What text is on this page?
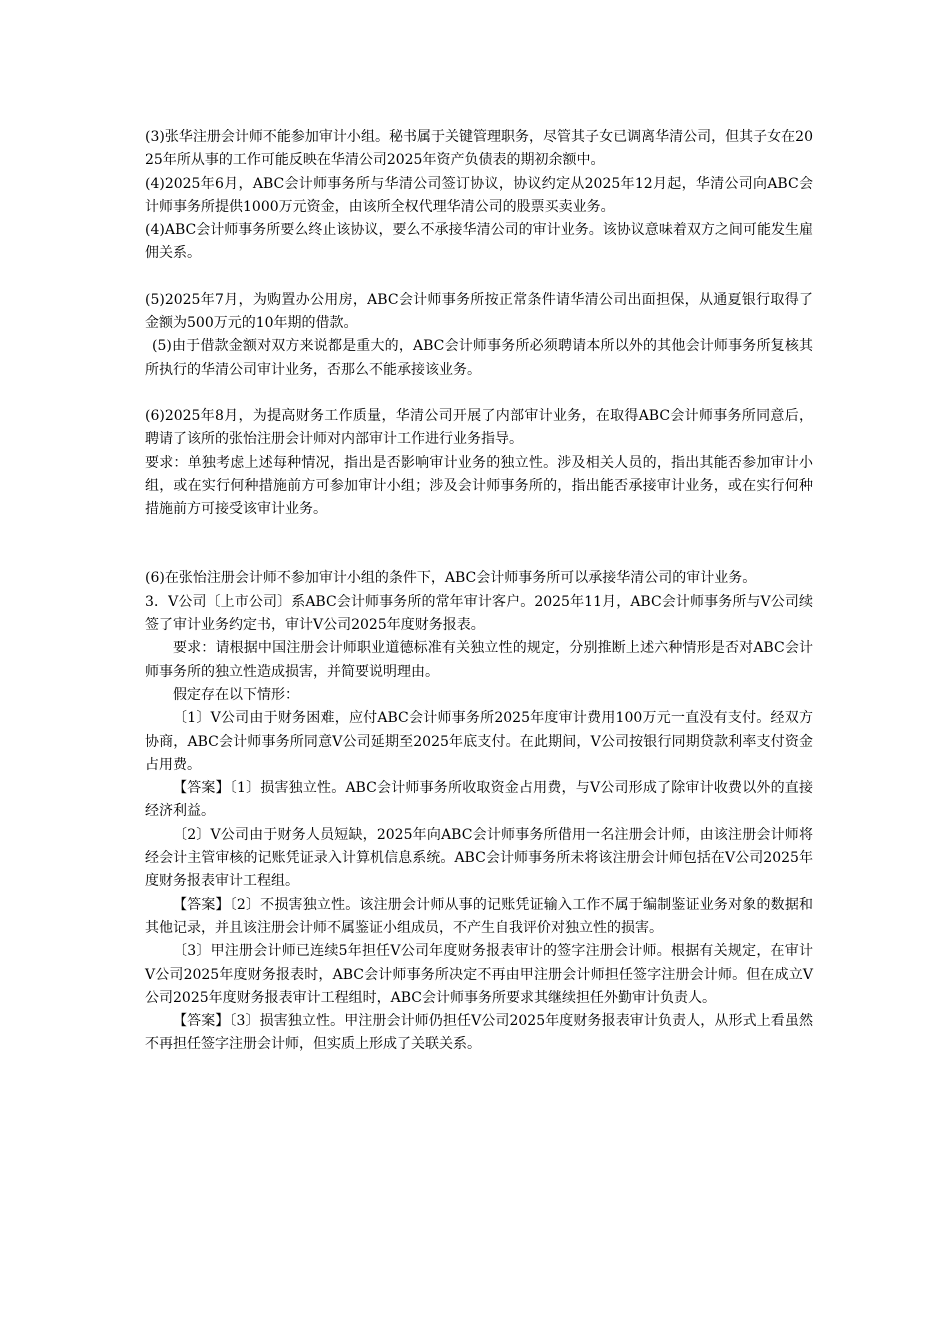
(3)张华注册会计师不能参加审计小组。秘书属于关键管理职务，尽管其子女已调离华清公司，但其子女在2025年所从事的工作可能反映在华清公司2025年资产负债表的期初余额中。

(4)2025年6月，ABC会计师事务所与华清公司签订协议，协议约定从2025年12月起，华清公司向ABC会计师事务所提供1000万元资金，由该所全权代理华清公司的股票买卖业务。

(4)ABC会计师事务所要么终止该协议，要么不承接华清公司的审计业务。该协议意味着双方之间可能发生雇佣关系。

(5)2025年7月，为购置办公用房，ABC会计师事务所按正常条件请华清公司出面担保，从通夏银行取得了金额为500万元的10年期的借款。

(5)由于借款金额对双方来说都是重大的，ABC会计师事务所必须聘请本所以外的其他会计师事务所复核其所执行的华清公司审计业务，否那么不能承接该业务。

(6)2025年8月，为提高财务工作质量，华清公司开展了内部审计业务，在取得ABC会计师事务所同意后，聘请了该所的张怡注册会计师对内部审计工作进行业务指导。

要求：单独考虑上述每种情况，指出是否影响审计业务的独立性。涉及相关人员的，指出其能否参加审计小组，或在实行何种措施前方可参加审计小组；涉及会计师事务所的，指出能否承接审计业务，或在实行何种措施前方可接受该审计业务。

(6)在张怡注册会计师不参加审计小组的条件下，ABC会计师事务所可以承接华清公司的审计业务。

3．V公司〔上市公司〕系ABC会计师事务所的常年审计客户。2025年11月，ABC会计师事务所与V公司续签了审计业务约定书，审计V公司2025年度财务报表。

要求：请根据中国注册会计师职业道德标准有关独立性的规定，分别推断上述六种情形是否对ABC会计师事务所的独立性造成损害，并简要说明理由。

假定存在以下情形：

〔1〕V公司由于财务困难，应付ABC会计师事务所2025年度审计费用100万元一直没有支付。经双方协商，ABC会计师事务所同意V公司延期至2025年底支付。在此期间，V公司按银行同期贷款利率支付资金占用费。

【答案】〔1〕损害独立性。ABC会计师事务所收取资金占用费，与V公司形成了除审计收费以外的直接经济利益。

〔2〕V公司由于财务人员短缺，2025年向ABC会计师事务所借用一名注册会计师，由该注册会计师将经会计主管审核的记账凭证录入计算机信息系统。ABC会计师事务所未将该注册会计师包括在V公司2025年度财务报表审计工程组。

【答案】〔2〕不损害独立性。该注册会计师从事的记账凭证输入工作不属于编制鉴证业务对象的数据和其他记录，并且该注册会计师不属鉴证小组成员，不产生自我评价对独立性的损害。

〔3〕甲注册会计师已连续5年担任V公司年度财务报表审计的签字注册会计师。根据有关规定，在审计V公司2025年度财务报表时，ABC会计师事务所决定不再由甲注册会计师担任签字注册会计师。但在成立V公司2025年度财务报表审计工程组时，ABC会计师事务所要求其继续担任外勤审计负责人。

【答案】〔3〕损害独立性。甲注册会计师仍担任V公司2025年度财务报表审计负责人，从形式上看虽然不再担任签字注册会计师，但实质上形成了关联关系。
